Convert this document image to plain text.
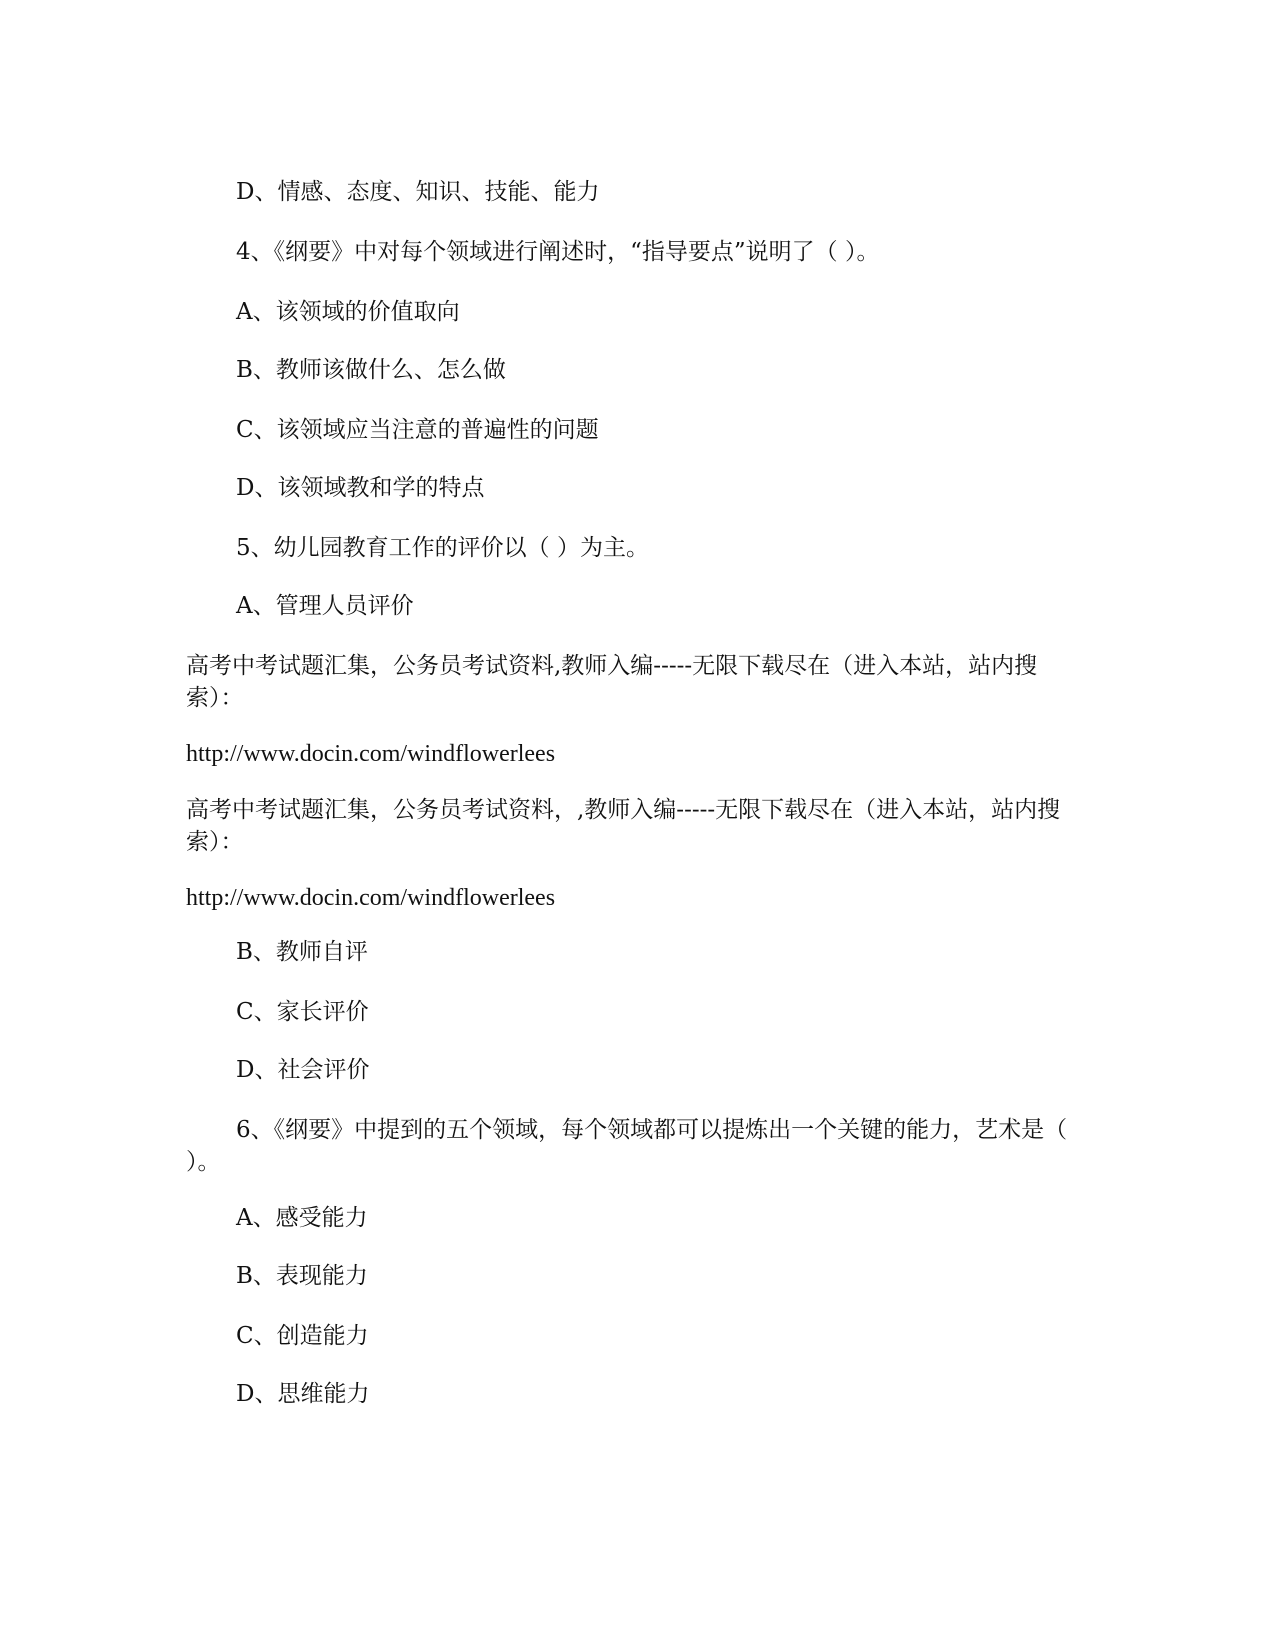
D、情感、态度、知识、技能、能力
4、《纲要》中对每个领域进行阐述时，“指导要点”说明了（ ）。
A、该领域的价值取向
B、教师该做什么、怎么做
C、该领域应当注意的普遍性的问题
D、该领域教和学的特点
5、幼儿园教育工作的评价以（ ）为主。
A、管理人员评价
高考中考试题汇集，公务员考试资料,教师入编-----无限下载尽在（进入本站，站内搜索）：
http://www.docin.com/windflowerlees
高考中考试题汇集，公务员考试资料，,教师入编-----无限下载尽在（进入本站，站内搜索）：
http://www.docin.com/windflowerlees
B、教师自评
C、家长评价
D、社会评价
6、《纲要》中提到的五个领域，每个领域都可以提炼出一个关键的能力，艺术是（ ）。
A、感受能力
B、表现能力
C、创造能力
D、思维能力
